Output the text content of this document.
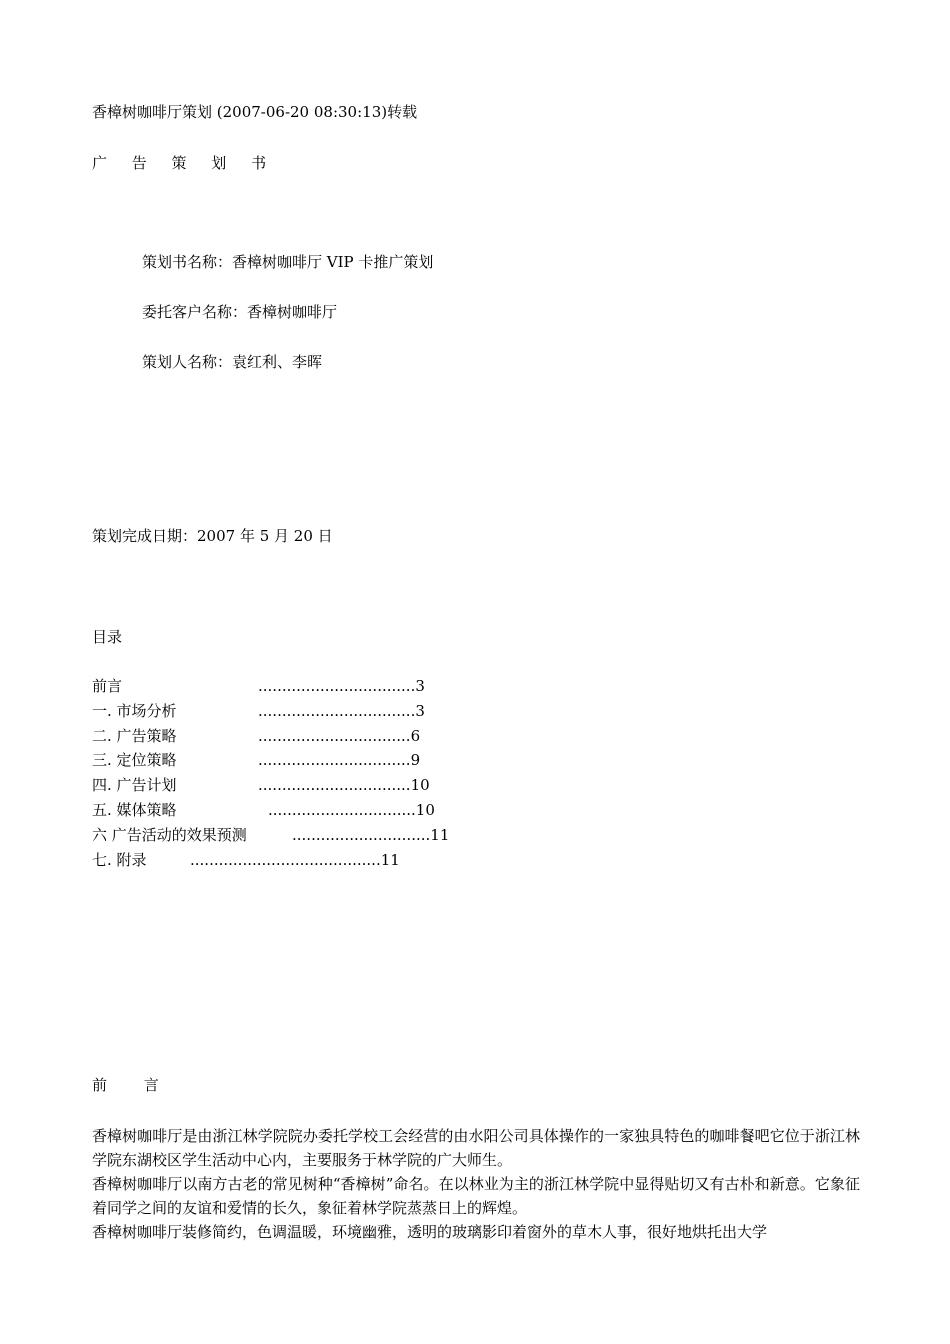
香樟树咖啡厅策划 (2007-06-20 08:30:13)转载
广 告 策 划 书
策划书名称：香樟树咖啡厅 VIP 卡推广策划
委托客户名称：香樟树咖啡厅
策划人名称：袁红利、李晖
策划完成日期：2007 年 5 月 20 日
目录
前言	.................................3
一. 市场分析	.................................3
二. 广告策略	................................6
三. 定位策略	................................9
四. 广告计划	................................10
五. 媒体策略	...............................10
六 广告活动的效果预测	.............................11
七. 附录	........................................11
前 言

香樟树咖啡厅是由浙江林学院院办委托学校工会经营的由水阳公司具体操作的一家独具特色的咖啡餐吧它位于浙江林学院东湖校区学生活动中心内，主要服务于林学院的广大师生。

香樟树咖啡厅以南方古老的常见树种“香樟树”命名。在以林业为主的浙江林学院中显得贴切又有古朴和新意。它象征着同学之间的友谊和爱情的长久，象征着林学院蒸蒸日上的辉煌。

香樟树咖啡厅装修简约，色调温暖，环境幽雅，透明的玻璃影印着窗外的草木人事，很好地烘托出大学
